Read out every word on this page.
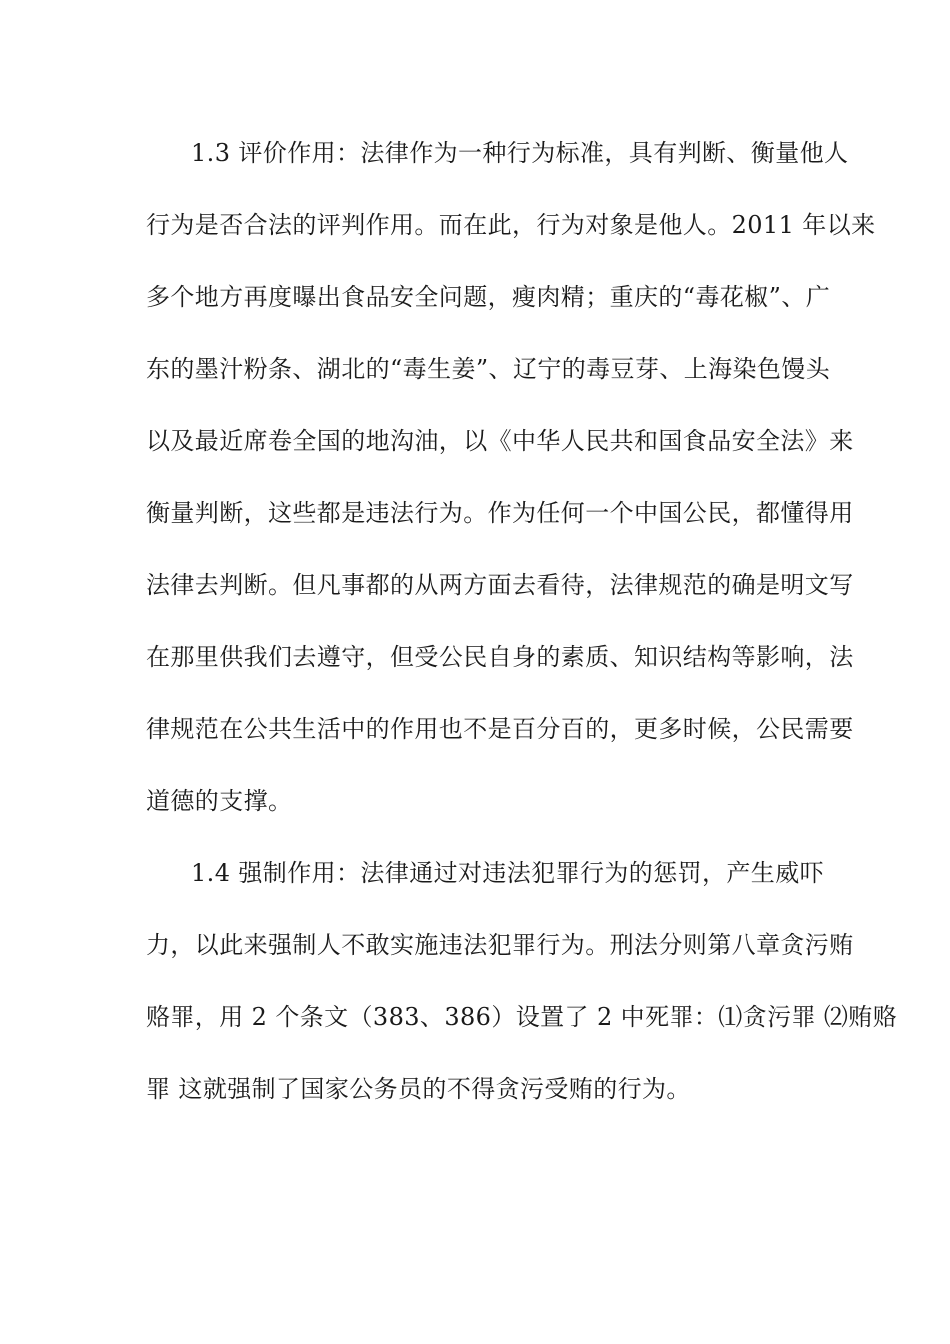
1.3 评价作用：法律作为一种行为标准，具有判断、衡量他人
行为是否合法的评判作用。而在此，行为对象是他人。2011 年以来
多个地方再度曝出食品安全问题，瘦肉精；重庆的“毒花椒”、广
东的墨汁粉条、湖北的“毒生姜”、辽宁的毒豆芽、上海染色馒头
以及最近席卷全国的地沟油，以《中华人民共和国食品安全法》来
衡量判断，这些都是违法行为。作为任何一个中国公民，都懂得用
法律去判断。但凡事都的从两方面去看待，法律规范的确是明文写
在那里供我们去遵守，但受公民自身的素质、知识结构等影响，法
律规范在公共生活中的作用也不是百分百的，更多时候，公民需要
道德的支撑。
1.4 强制作用：法律通过对违法犯罪行为的惩罚，产生威吓
力，以此来强制人不敢实施违法犯罪行为。刑法分则第八章贪污贿
赂罪，用 2 个条文（383、386）设置了 2 中死罪：⑴贪污罪 ⑵贿赂
罪 这就强制了国家公务员的不得贪污受贿的行为。
